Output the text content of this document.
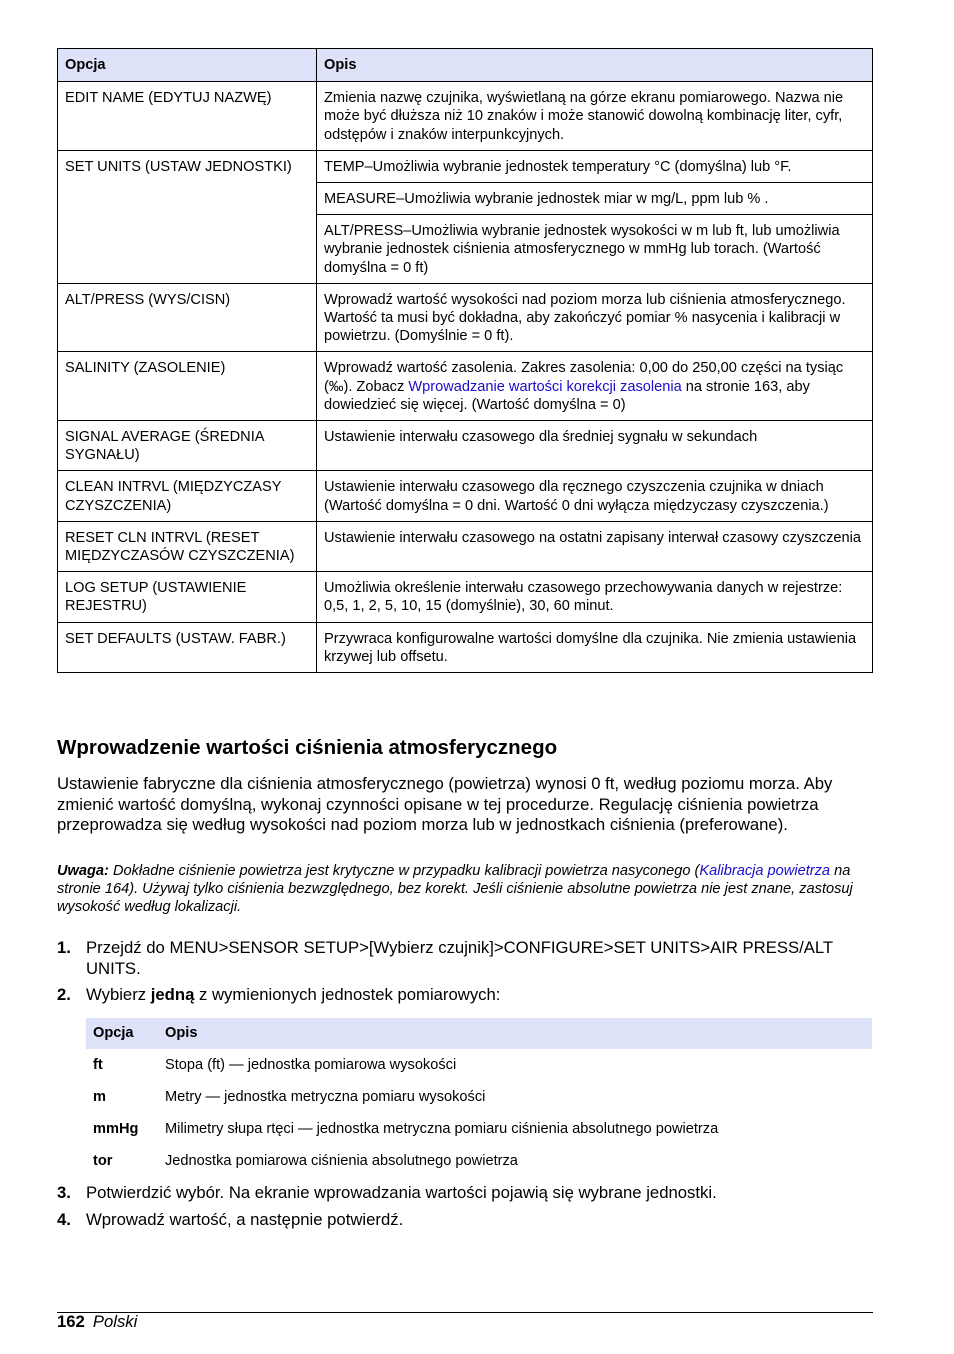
Opcja	Opis
EDIT NAME (EDYTUJ NAZWĘ)	Zmienia nazwę czujnika, wyświetlaną na górze ekranu pomiarowego. Nazwa nie może być dłuższa niż 10 znaków i może stanowić dowolną kombinację liter, cyfr, odstępów i znaków interpunkcyjnych.
SET UNITS (USTAW JEDNOSTKI)	TEMP–Umożliwia wybranie jednostek temperatury °C (domyślna) lub °F.
	MEASURE–Umożliwia wybranie jednostek miar w mg/L, ppm lub % .
	ALT/PRESS–Umożliwia wybranie jednostek wysokości w m lub ft, lub umożliwia wybranie jednostek ciśnienia atmosferycznego w mmHg lub torach. (Wartość domyślna = 0 ft)
ALT/PRESS (WYS/CISN)	Wprowadź wartość wysokości nad poziom morza lub ciśnienia atmosferycznego. Wartość ta musi być dokładna, aby zakończyć pomiar % nasycenia i kalibracji w powietrzu. (Domyślnie = 0 ft).
SALINITY (ZASOLENIE)	Wprowadź wartość zasolenia. Zakres zasolenia: 0,00 do 250,00 części na tysiąc (‰). Zobacz Wprowadzanie wartości korekcji zasolenia na stronie 163, aby dowiedzieć się więcej. (Wartość domyślna = 0)
SIGNAL AVERAGE (ŚREDNIA SYGNAŁU)	Ustawienie interwału czasowego dla średniej sygnału w sekundach
CLEAN INTRVL (MIĘDZYCZASY CZYSZCZENIA)	Ustawienie interwału czasowego dla ręcznego czyszczenia czujnika w dniach (Wartość domyślna = 0 dni. Wartość 0 dni wyłącza międzyczasy czyszczenia.)
RESET CLN INTRVL (RESET MIĘDZYCZASÓW CZYSZCZENIA)	Ustawienie interwału czasowego na ostatni zapisany interwał czasowy czyszczenia
LOG SETUP (USTAWIENIE REJESTRU)	Umożliwia określenie interwału czasowego przechowywania danych w rejestrze: 0,5, 1, 2, 5, 10, 15 (domyślnie), 30, 60 minut.
SET DEFAULTS (USTAW. FABR.)	Przywraca konfigurowalne wartości domyślne dla czujnika. Nie zmienia ustawienia krzywej lub offsetu.
Wprowadzenie wartości ciśnienia atmosferycznego

Ustawienie fabryczne dla ciśnienia atmosferycznego (powietrza) wynosi 0 ft, według poziomu morza. Aby zmienić wartość domyślną, wykonaj czynności opisane w tej procedurze. Regulację ciśnienia powietrza przeprowadza się według wysokości nad poziom morza lub w jednostkach ciśnienia (preferowane).

Uwaga: Dokładne ciśnienie powietrza jest krytyczne w przypadku kalibracji powietrza nasyconego (Kalibracja powietrza na stronie 164). Używaj tylko ciśnienia bezwzględnego, bez korekt. Jeśli ciśnienie absolutne powietrza nie jest znane, zastosuj wysokość według lokalizacji.

1. Przejdź do MENU>SENSOR SETUP>[Wybierz czujnik]>CONFIGURE>SET UNITS>AIR PRESS/ALT UNITS.
2. Wybierz jedną z wymienionych jednostek pomiarowych:
Opcja	Opis
ft	Stopa (ft) — jednostka pomiarowa wysokości
m	Metry — jednostka metryczna pomiaru wysokości
mmHg	Milimetry słupa rtęci — jednostka metryczna pomiaru ciśnienia absolutnego powietrza
tor	Jednostka pomiarowa ciśnienia absolutnego powietrza
3. Potwierdzić wybór. Na ekranie wprowadzania wartości pojawią się wybrane jednostki.
4. Wprowadź wartość, a następnie potwierdź.
162 Polski
